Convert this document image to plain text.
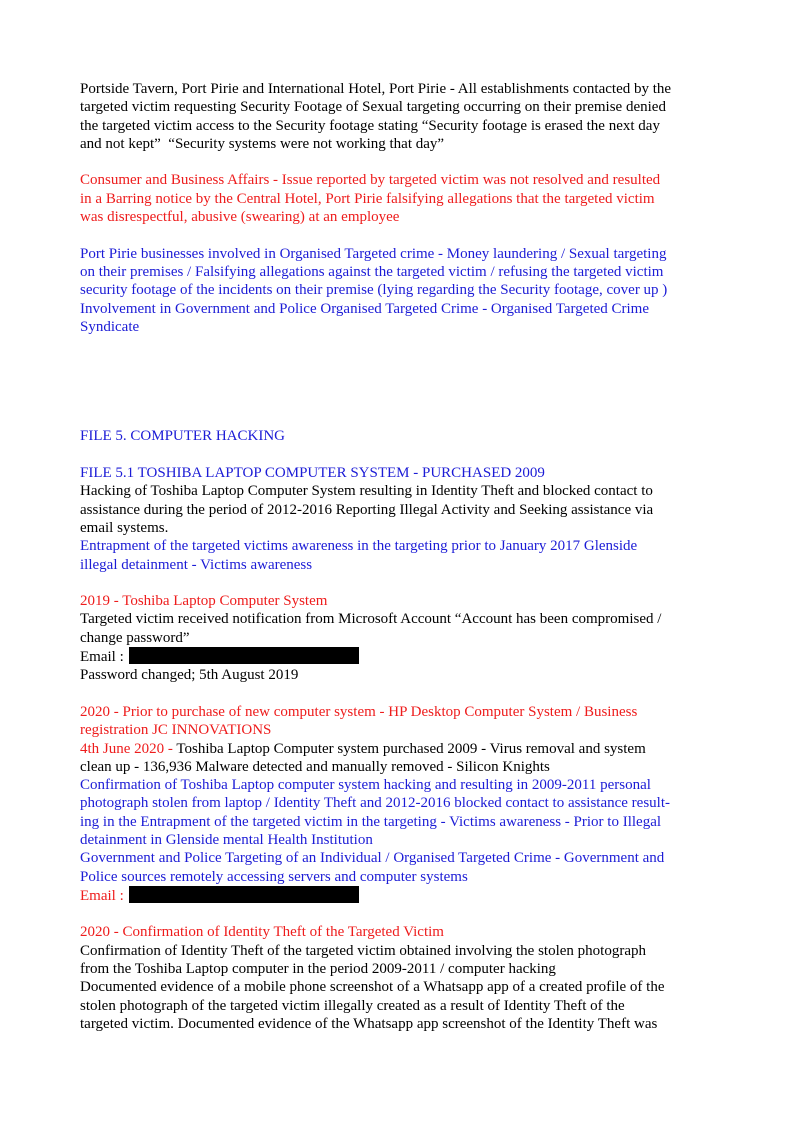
Portside Tavern, Port Pirie and International Hotel, Port Pirie - All establishments contacted by the
targeted victim requesting Security Footage of Sexual targeting occurring on their premise denied
the targeted victim access to the Security footage stating “Security footage is erased the next day
and not kept”  “Security systems were not working that day”
Consumer and Business Affairs - Issue reported by targeted victim was not resolved and resulted
in a Barring notice by the Central Hotel, Port Pirie falsifying allegations that the targeted victim
was disrespectful, abusive (swearing) at an employee
Port Pirie businesses involved in Organised Targeted crime - Money laundering / Sexual targeting
on their premises / Falsifying allegations against the targeted victim / refusing the targeted victim
security footage of the incidents on their premise (lying regarding the Security footage, cover up )
Involvement in Government and Police Organised Targeted Crime - Organised Targeted Crime
Syndicate
FILE 5. COMPUTER HACKING
FILE 5.1 TOSHIBA LAPTOP COMPUTER SYSTEM - PURCHASED 2009
Hacking of Toshiba Laptop Computer System resulting in Identity Theft and blocked contact to
assistance during the period of 2012-2016 Reporting Illegal Activity and Seeking assistance via
email systems.
Entrapment of the targeted victims awareness in the targeting prior to January 2017 Glenside
illegal detainment - Victims awareness
2019 - Toshiba Laptop Computer System
Targeted victim received notification from Microsoft Account “Account has been compromised /
change password”
Email :
Password changed; 5th August 2019
2020 - Prior to purchase of new computer system - HP Desktop Computer System / Business
registration JC INNOVATIONS
4th June 2020 - Toshiba Laptop Computer system purchased 2009 - Virus removal and system
clean up - 136,936 Malware detected and manually removed - Silicon Knights
Confirmation of Toshiba Laptop computer system hacking and resulting in 2009-2011 personal
photograph stolen from laptop / Identity Theft and 2012-2016 blocked contact to assistance result-
ing in the Entrapment of the targeted victim in the targeting - Victims awareness - Prior to Illegal
detainment in Glenside mental Health Institution
Government and Police Targeting of an Individual / Organised Targeted Crime - Government and
Police sources remotely accessing servers and computer systems
Email :
2020 - Confirmation of Identity Theft of the Targeted Victim
Confirmation of Identity Theft of the targeted victim obtained involving the stolen photograph
from the Toshiba Laptop computer in the period 2009-2011 / computer hacking
Documented evidence of a mobile phone screenshot of a Whatsapp app of a created profile of the
stolen photograph of the targeted victim illegally created as a result of Identity Theft of the
targeted victim. Documented evidence of the Whatsapp app screenshot of the Identity Theft was
